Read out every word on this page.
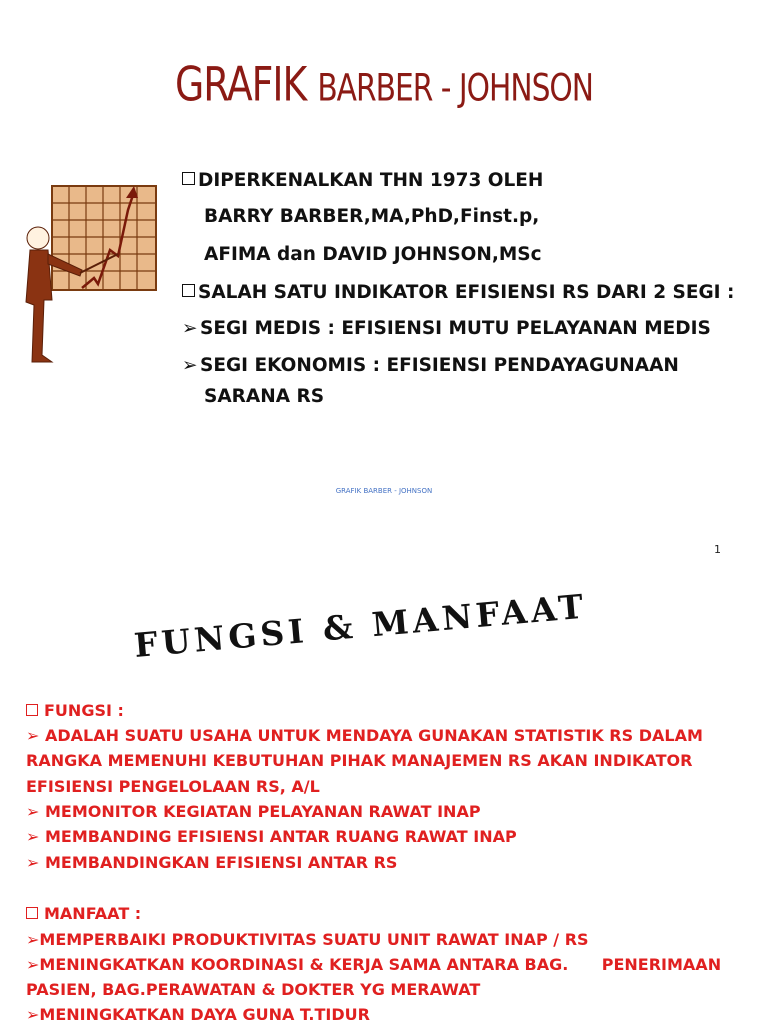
GRAFIK BARBER - JOHNSON
DIPERKENALKAN THN 1973 OLEH
BARRY BARBER,MA,PhD,Finst.p,
AFIMA dan DAVID JOHNSON,MSc
SALAH SATU INDIKATOR EFISIENSI RS DARI 2 SEGI :
➢ SEGI MEDIS : EFISIENSI MUTU PELAYANAN MEDIS
➢ SEGI EKONOMIS : EFISIENSI PENDAYAGUNAAN
SARANA RS
GRAFIK BARBER - JOHNSON
1
FUNGSI & MANFAAT
FUNGSI :
➢ ADALAH SUATU USAHA UNTUK MENDAYA GUNAKAN STATISTIK RS DALAM
RANGKA MEMENUHI KEBUTUHAN PIHAK MANAJEMEN RS AKAN INDIKATOR
EFISIENSI PENGELOLAAN RS, A/L
➢ MEMONITOR KEGIATAN PELAYANAN RAWAT INAP
➢ MEMBANDING EFISIENSI ANTAR RUANG RAWAT INAP
➢ MEMBANDINGKAN EFISIENSI ANTAR RS
MANFAAT :
➢MEMPERBAIKI PRODUKTIVITAS SUATU UNIT RAWAT INAP / RS
➢MENINGKATKAN KOORDINASI & KERJA SAMA ANTARA BAG.      PENERIMAAN
PASIEN, BAG.PERAWATAN & DOKTER YG MERAWAT
➢MENINGKATKAN DAYA GUNA T.TIDUR
